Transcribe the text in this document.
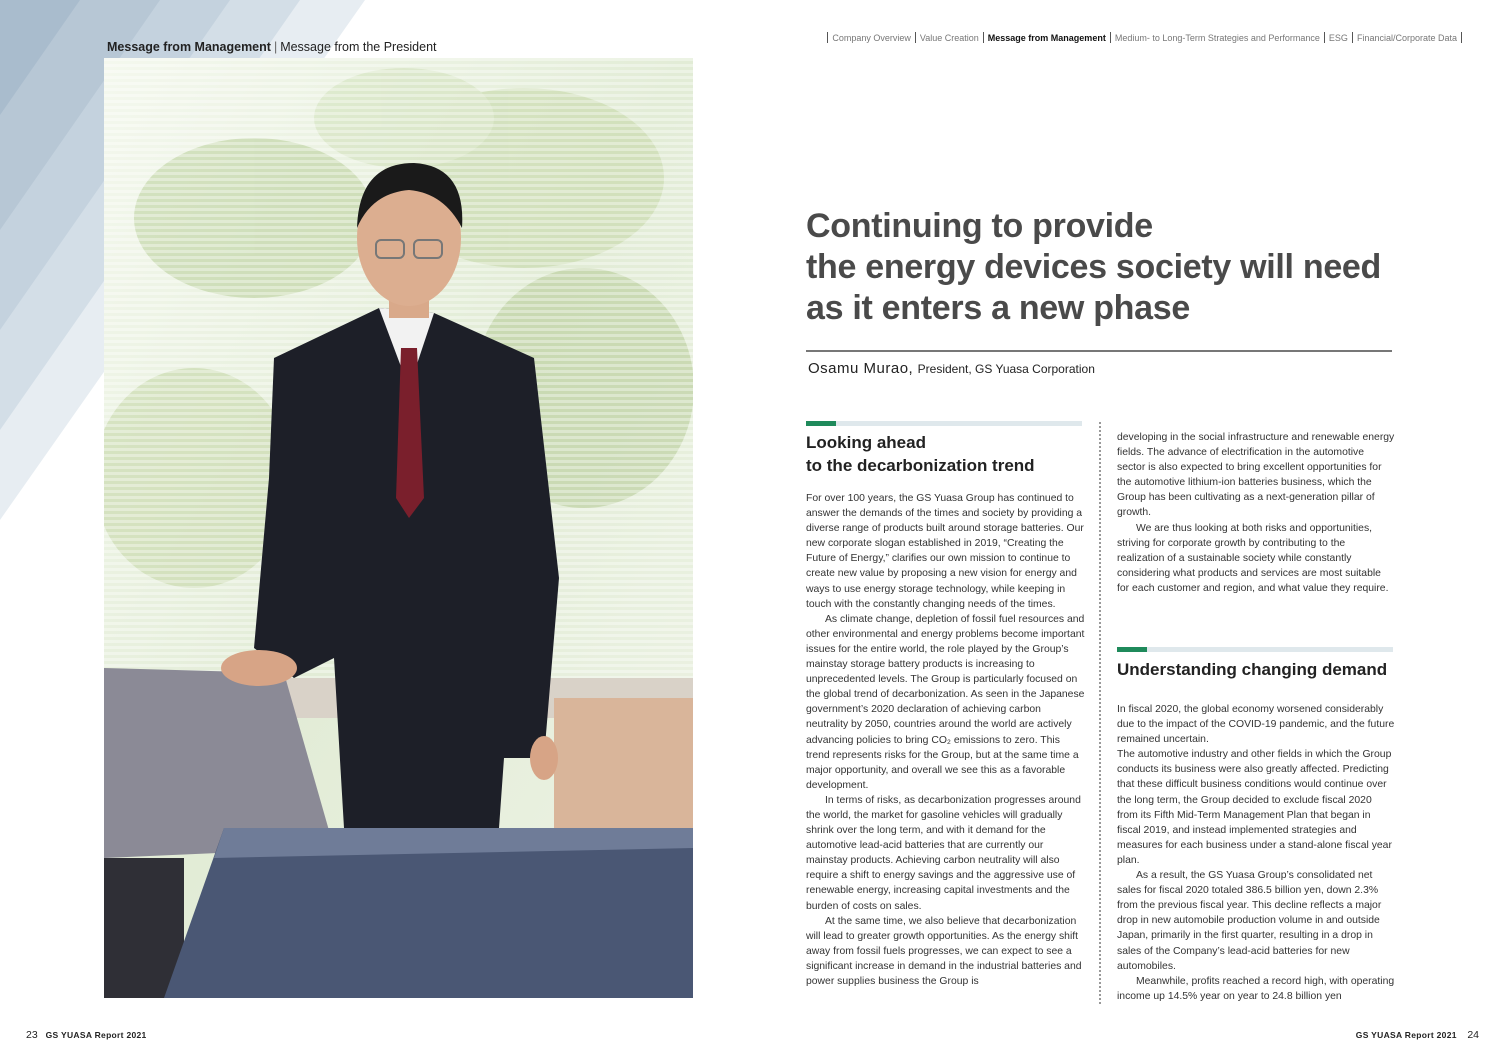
Message from Management | Message from the President
Company Overview Value Creation Message from Management Medium- to Long-Term Strategies and Performance ESG Financial/Corporate Data
Continuing to provide
the energy devices society will need
as it enters a new phase
Osamu Murao, President, GS Yuasa Corporation
Looking ahead
to the decarbonization trend

For over 100 years, the GS Yuasa Group has continued to answer the demands of the times and society by providing a diverse range of products built around storage batteries. Our new corporate slogan established in 2019, “Creating the Future of Energy,” clarifies our own mission to continue to create new value by proposing a new vision for energy and ways to use energy storage technology, while keeping in touch with the constantly changing needs of the times.

As climate change, depletion of fossil fuel resources and other environmental and energy problems become important issues for the entire world, the role played by the Group’s mainstay storage battery products is increasing to unprecedented levels. The Group is particularly focused on the global trend of decarbonization. As seen in the Japanese government’s 2020 declaration of achieving carbon neutrality by 2050, countries around the world are actively advancing policies to bring CO₂ emissions to zero. This trend represents risks for the Group, but at the same time a major opportunity, and overall we see this as a favorable development.

In terms of risks, as decarbonization progresses around the world, the market for gasoline vehicles will gradually shrink over the long term, and with it demand for the automotive lead-acid batteries that are currently our mainstay products. Achieving carbon neutrality will also require a shift to energy savings and the aggressive use of renewable energy, increasing capital investments and the burden of costs on sales.

At the same time, we also believe that decarbonization will lead to greater growth opportunities. As the energy shift away from fossil fuels progresses, we can expect to see a significant increase in demand in the industrial batteries and power supplies business the Group is

developing in the social infrastructure and renewable energy fields. The advance of electrification in the automotive sector is also expected to bring excellent opportunities for the automotive lithium-ion batteries business, which the Group has been cultivating as a next-generation pillar of growth.

We are thus looking at both risks and opportunities, striving for corporate growth by contributing to the realization of a sustainable society while constantly considering what products and services are most suitable for each customer and region, and what value they require.

Understanding changing demand

In fiscal 2020, the global economy worsened considerably due to the impact of the COVID-19 pandemic, and the future remained uncertain.

The automotive industry and other fields in which the Group conducts its business were also greatly affected. Predicting that these difficult business conditions would continue over the long term, the Group decided to exclude fiscal 2020 from its Fifth Mid-Term Management Plan that began in fiscal 2019, and instead implemented strategies and measures for each business under a stand-alone fiscal year plan.

As a result, the GS Yuasa Group’s consolidated net sales for fiscal 2020 totaled 386.5 billion yen, down 2.3% from the previous fiscal year. This decline reflects a major drop in new automobile production volume in and outside Japan, primarily in the first quarter, resulting in a drop in sales of the Company’s lead-acid batteries for new automobiles.

Meanwhile, profits reached a record high, with operating income up 14.5% year on year to 24.8 billion yen

23 GS YUASA Report 2021	GS YUASA Report 2021 24
